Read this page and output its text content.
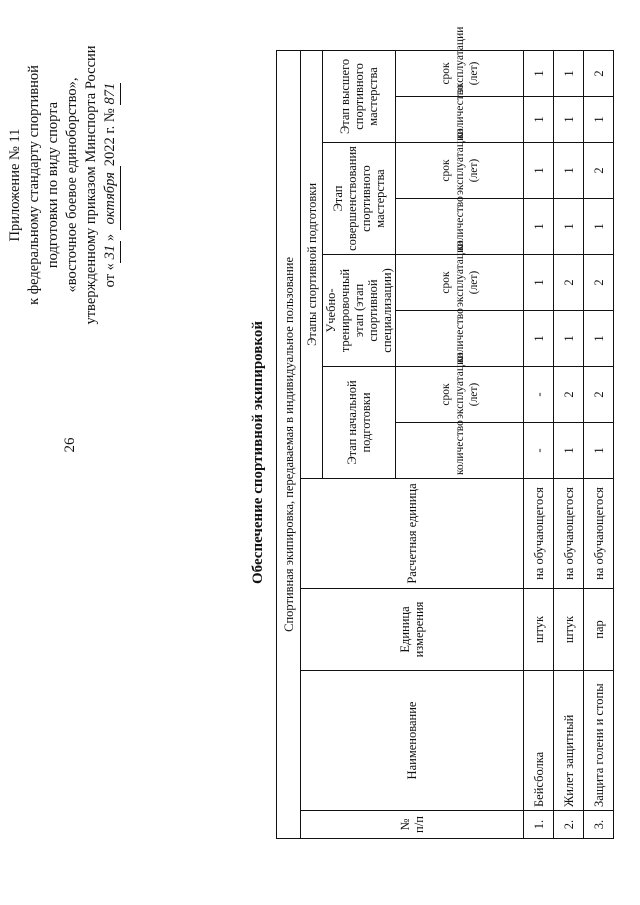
26
Приложение № 11 к федеральному стандарту спортивной подготовки по виду спорта «восточное боевое единоборство», утвержденному приказом Минспорта России от «31» октября2022 г. № 871
Обеспечение спортивной экипировкой Спортивная экипировка, передаваемая в индивидуальное пользование											
№ п/п	Наименование	Единица измерения	Расчетная единица	Этапы спортивной подготовки							
				Этап начальной подготовки		Учебно-тренировочный этап (этап спортивной специализации)		Этап совершенствования спортивного мастерства		Этап высшего спортивного мастерства	
				количество	срок эксплуатации (лет)	количество	срок эксплуатации (лет)	количество	срок эксплуатации (лет)	количество	срок эксплуатации (лет)
1.	Бейсболка	штук	на обучающегося	-	-	1	1	1	1	1	1
2.	Жилет защитный	штук	на обучающегося	1	2	1	2	1	1	1	1
3.	Защита голени и стопы	пар	на обучающегося	1	2	1	2	1	2	1	2
